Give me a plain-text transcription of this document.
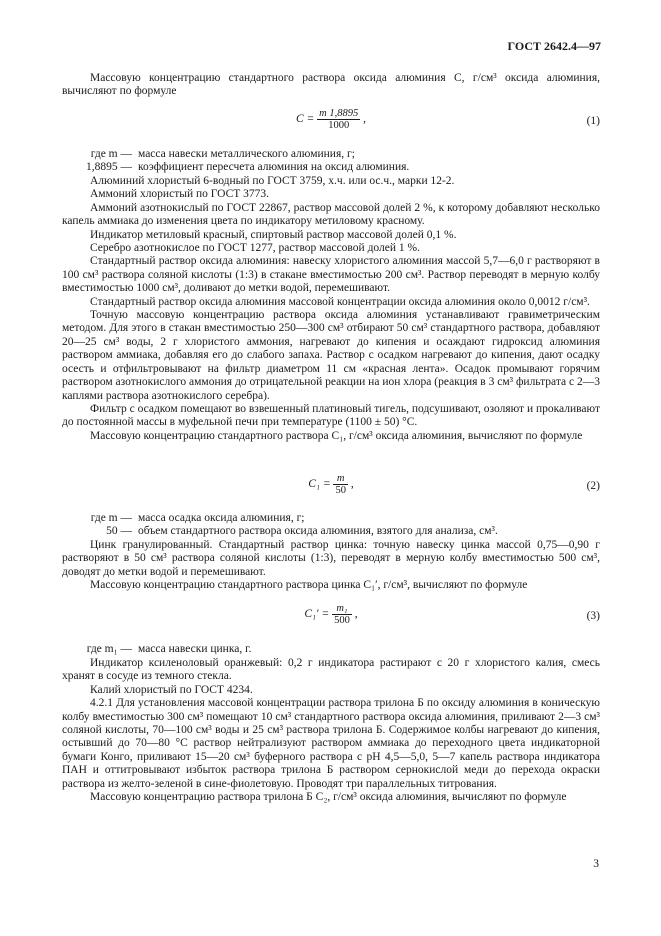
ГОСТ 2642.4—97

Массовую концентрацию стандартного раствора оксида алюминия C, г/см³ оксида алюминия, вычисляют по формуле

$C = \frac{m 1,8895}{1000}$ ,	(1)
где m — масса навески металлического алюминия, г;
1,8895 — коэффициент пересчета алюминия на оксид алюминия.

Алюминий хлористый 6-водный по ГОСТ 3759, х.ч. или ос.ч., марки 12-2.

Аммоний хлористый по ГОСТ 3773.

Аммоний азотнокислый по ГОСТ 22867, раствор массовой долей 2 %, к которому добавляют несколько капель аммиака до изменения цвета по индикатору метиловому красному.

Индикатор метиловый красный, спиртовый раствор массовой долей 0,1 %.

Серебро азотнокислое по ГОСТ 1277, раствор массовой долей 1 %.

Стандартный раствор оксида алюминия: навеску хлористого алюминия массой 5,7—6,0 г растворяют в 100 см³ раствора соляной кислоты (1:3) в стакане вместимостью 200 см³. Раствор переводят в мерную колбу вместимостью 1000 см³, доливают до метки водой, перемешивают.

Стандартный раствор оксида алюминия массовой концентрации оксида алюминия около 0,0012 г/см³.

Точную массовую концентрацию раствора оксида алюминия устанавливают гравиметрическим методом. Для этого в стакан вместимостью 250—300 см³ отбирают 50 см³ стандартного раствора, добавляют 20—25 см³ воды, 2 г хлористого аммония, нагревают до кипения и осаждают гидроксид алюминия раствором аммиака, добавляя его до слабого запаха. Раствор с осадком нагревают до кипения, дают осадку осесть и отфильтровывают на фильтр диаметром 11 см «красная лента». Осадок промывают горячим раствором азотнокислого аммония до отрицательной реакции на ион хлора (реакция в 3 см³ фильтрата с 2—3 каплями раствора азотнокислого серебра).

Фильтр с осадком помещают во взвешенный платиновый тигель, подсушивают, озоляют и прокаливают до постоянной массы в муфельной печи при температуре (1100 ± 50) °С.

Массовую концентрацию стандартного раствора C₁, г/см³ оксида алюминия, вычисляют по формуле

$C_1 = \frac{m}{50}$ ,	(2)
где m — масса осадка оксида алюминия, г;
50 — объем стандартного раствора оксида алюминия, взятого для анализа, см³.

Цинк гранулированный. Стандартный раствор цинка: точную навеску цинка массой 0,75—0,90 г растворяют в 50 см³ раствора соляной кислоты (1:3), переводят в мерную колбу вместимостью 500 см³, доводят до метки водой и перемешивают.

Массовую концентрацию стандартного раствора цинка C₁′, г/см³, вычисляют по формуле

$C_1' = \frac{\text{m₁}}{500}$ ,	(3)
где m₁ — масса навески цинка, г.

Индикатор ксиленоловый оранжевый: 0,2 г индикатора растирают с 20 г хлористого калия, смесь хранят в сосуде из темного стекла.

Калий хлористый по ГОСТ 4234.

4.2.1 Для установления массовой концентрации раствора трилона Б по оксиду алюминия в коническую колбу вместимостью 300 см³ помещают 10 см³ стандартного раствора оксида алюминия, приливают 2—3 см³ соляной кислоты, 70—100 см³ воды и 25 см³ раствора трилона Б. Содержимое колбы нагревают до кипения, остывший до 70—80 °С раствор нейтрализуют раствором аммиака до переходного цвета индикаторной бумаги Конго, приливают 15—20 см³ буферного раствора с рН 4,5—5,0, 5—7 капель раствора индикатора ПАН и оттитровывают избыток раствора трилона Б раствором сернокислой меди до перехода окраски раствора из желто-зеленой в сине-фиолетовую. Проводят три параллельных титрования.

Массовую концентрацию раствора трилона Б C₂, г/см³ оксида алюминия, вычисляют по формуле

3
